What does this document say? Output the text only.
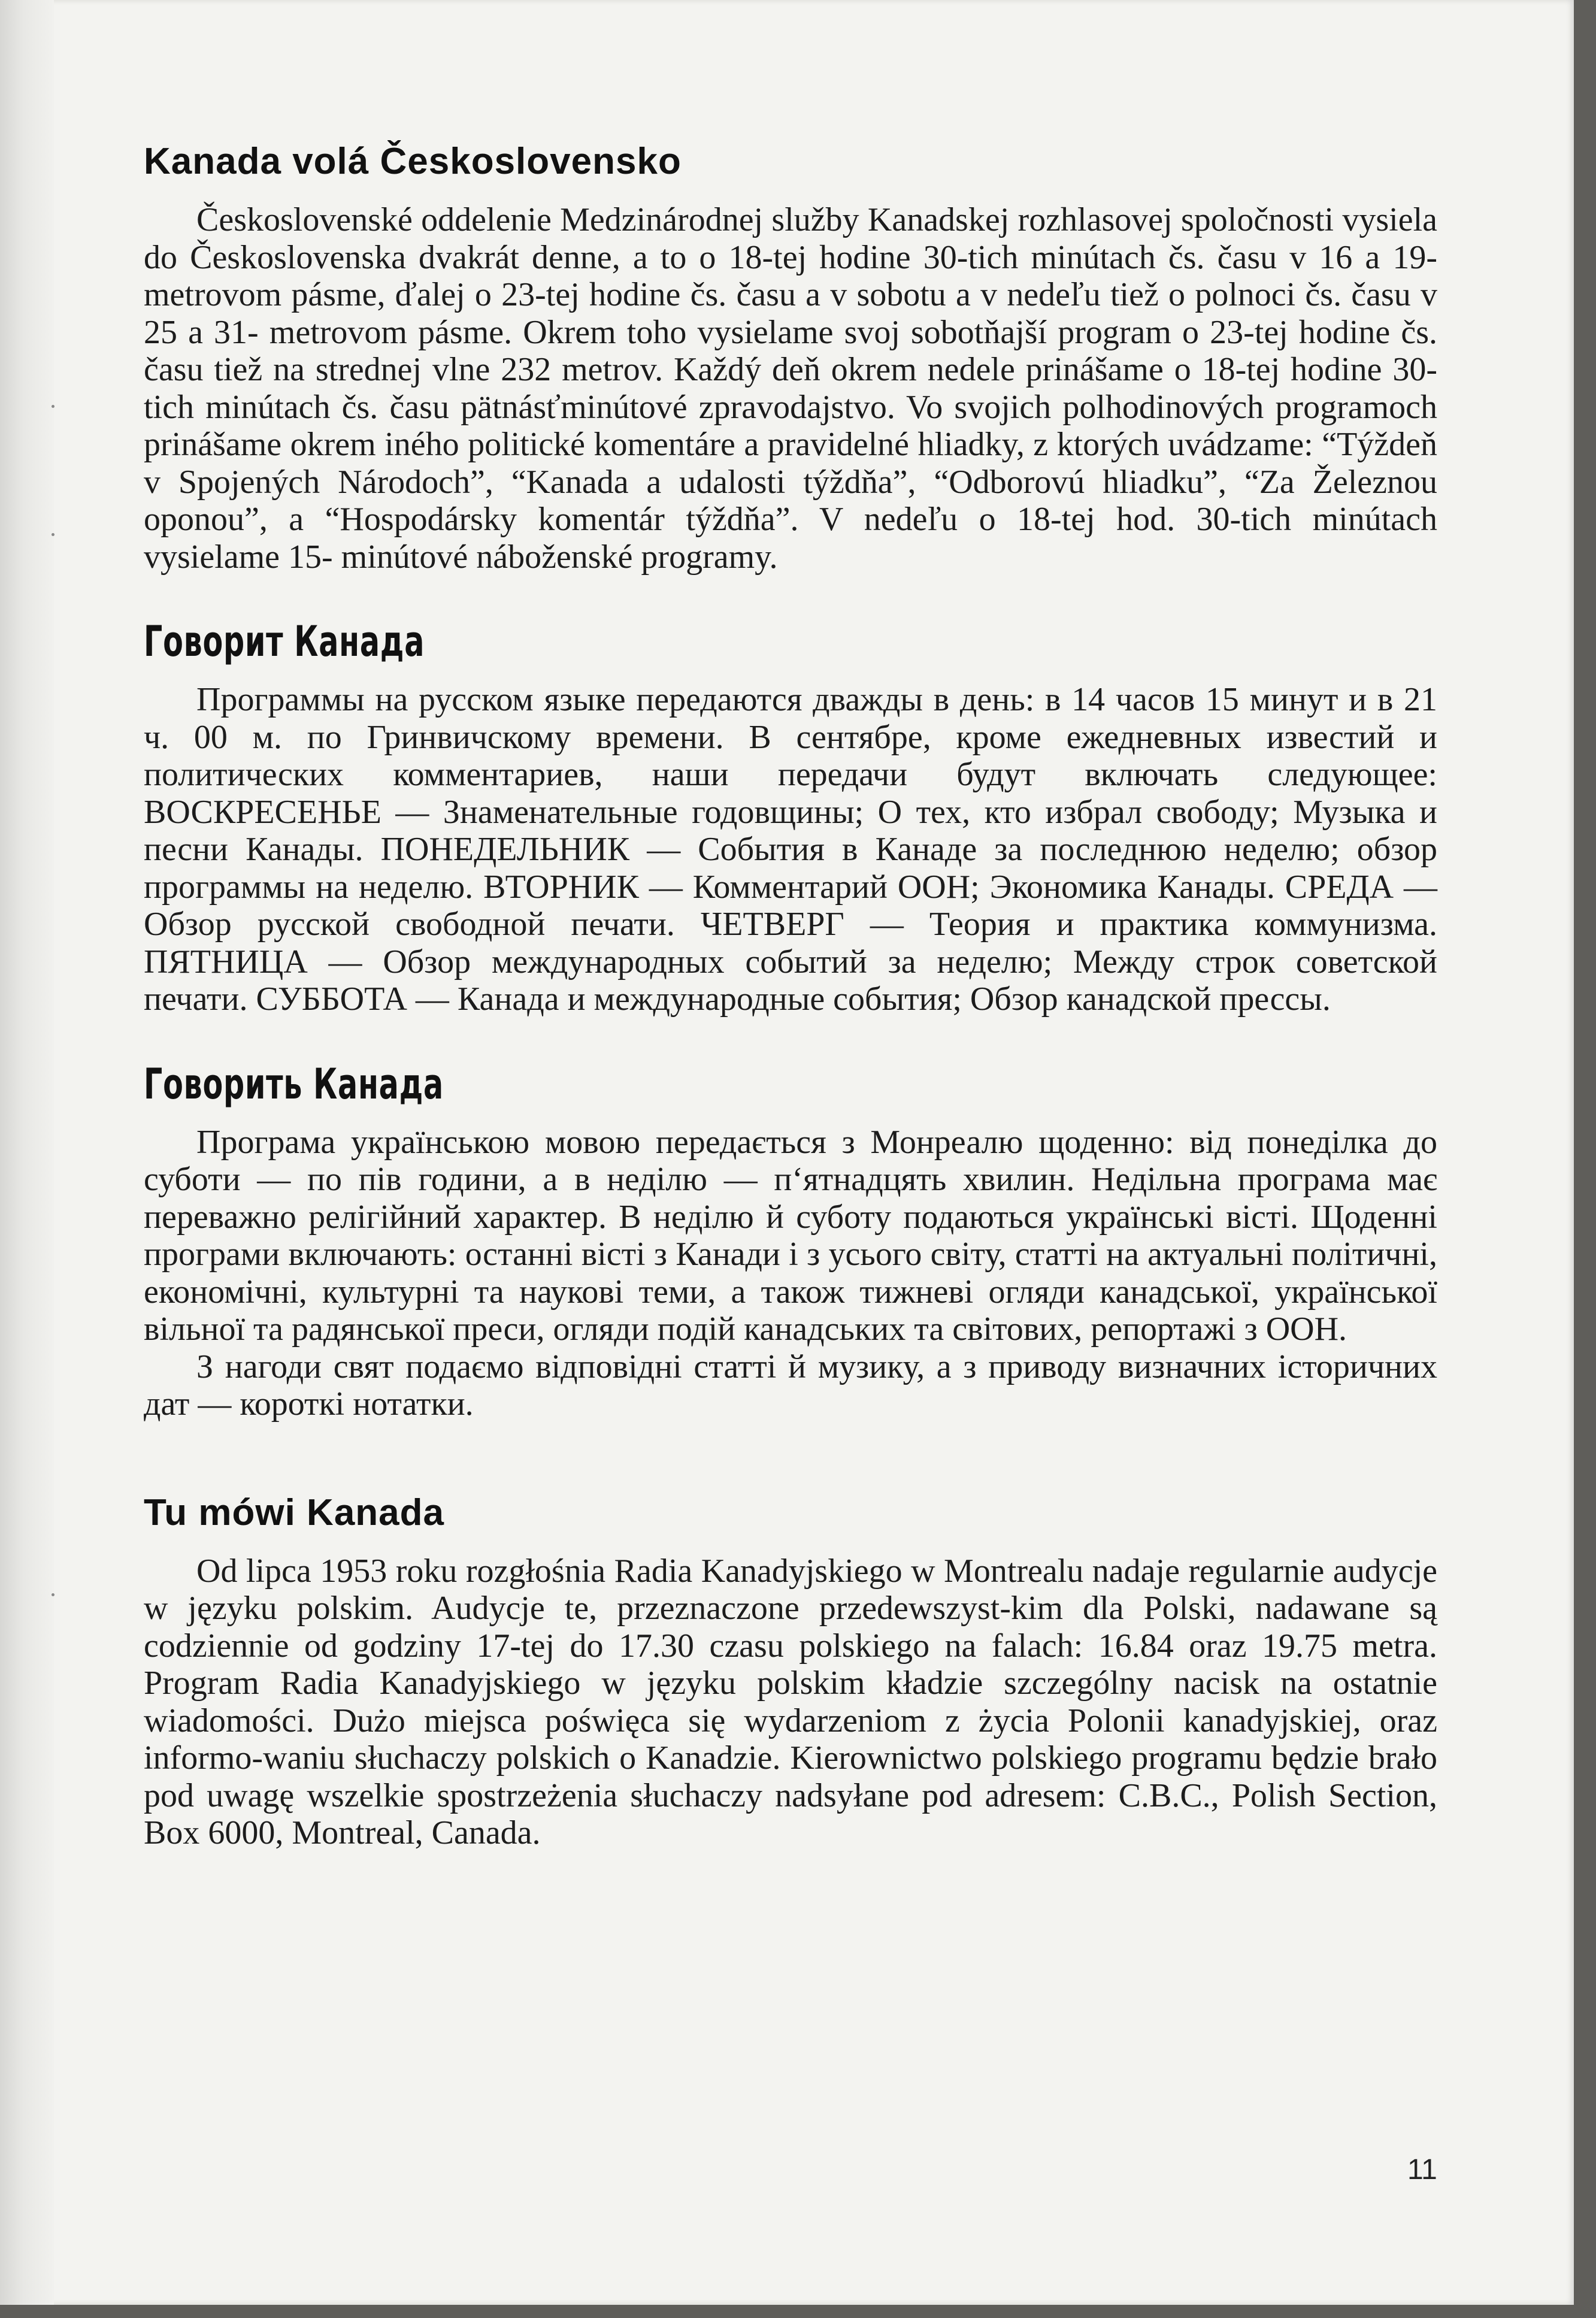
Kanada volá Československo

Československé oddelenie Medzinárodnej služby Kanadskej rozhlasovej spoločnosti vysiela do Československa dvakrát denne, a to o 18-tej hodine 30-tich minútach čs. času v 16 a 19- metrovom pásme, ďalej o 23-tej hodine čs. času a v sobotu a v nedeľu tiež o polnoci čs. času v 25 a 31- metrovom pásme. Okrem toho vysielame svoj sobotňajší program o 23-tej hodine čs. času tiež na strednej vlne 232 metrov. Každý deň okrem nedele prinášame o 18-tej hodine 30-tich minútach čs. času pätnásťminútové zpravodajstvo. Vo svojich polhodinových programoch prinášame okrem iného politické komentáre a pravidelné hliadky, z ktorých uvádzame: “Týždeň v Spojených Národoch”, “Kanada a udalosti týždňa”, “Odborovú hliadku”, “Za Železnou oponou”, a “Hospodársky komentár týždňa”. V nedeľu o 18-tej hod. 30-tich minútach vysielame 15- minútové náboženské programy.

Говорит Канада

Программы на русском языке передаются дважды в день: в 14 часов 15 минут и в 21 ч. 00 м. по Гринвичскому времени. В сентябре, кроме ежедневных известий и политических комментариев, наши передачи будут включать следующее: ВОСКРЕСЕНЬЕ — Знаменательные годовщины; О тех, кто избрал свободу; Музыка и песни Канады. ПОНЕДЕЛЬНИК — События в Канаде за последнюю неделю; обзор программы на неделю. ВТОРНИК — Комментарий ООН; Экономика Канады. СРЕДА — Обзор русской свободной печати. ЧЕТВЕРГ — Теория и практика коммунизма. ПЯТНИЦА — Обзор международных событий за неделю; Между строк советской печати. СУББОТА — Канада и международные события; Обзор канадской прессы.

Говорить Канада

Програма українською мовою передається з Монреалю щоденно: від понеділка до суботи — по пів години, а в неділю — п‘ятнадцять хвилин. Недільна програма має переважно релігійний характер. В неділю й суботу подаються українські вісті. Щоденні програми включають: останні вісті з Канади і з усього світу, статті на актуальні політичні, економічні, культурні та наукові теми, а також тижневі огляди канадської, української вільної та радянської преси, огляди подій канадських та світових, репортажі з ООН.

З нагоди свят подаємо відповідні статті й музику, а з приводу визначних історичних дат — короткі нотатки.

Tu mówi Kanada

Od lipca 1953 roku rozgłośnia Radia Kanadyjskiego w Montrealu nadaje regularnie audycje w języku polskim. Audycje te, przeznaczone przedewszyst-kim dla Polski, nadawane są codziennie od godziny 17-tej do 17.30 czasu polskiego na falach: 16.84 oraz 19.75 metra. Program Radia Kanadyjskiego w języku polskim kładzie szczególny nacisk na ostatnie wiadomości. Dużo miejsca poświęca się wydarzeniom z życia Polonii kanadyjskiej, oraz informo-waniu słuchaczy polskich o Kanadzie. Kierownictwo polskiego programu będzie brało pod uwagę wszelkie spostrzeżenia słuchaczy nadsyłane pod adresem: C.B.C., Polish Section, Box 6000, Montreal, Canada.

11
